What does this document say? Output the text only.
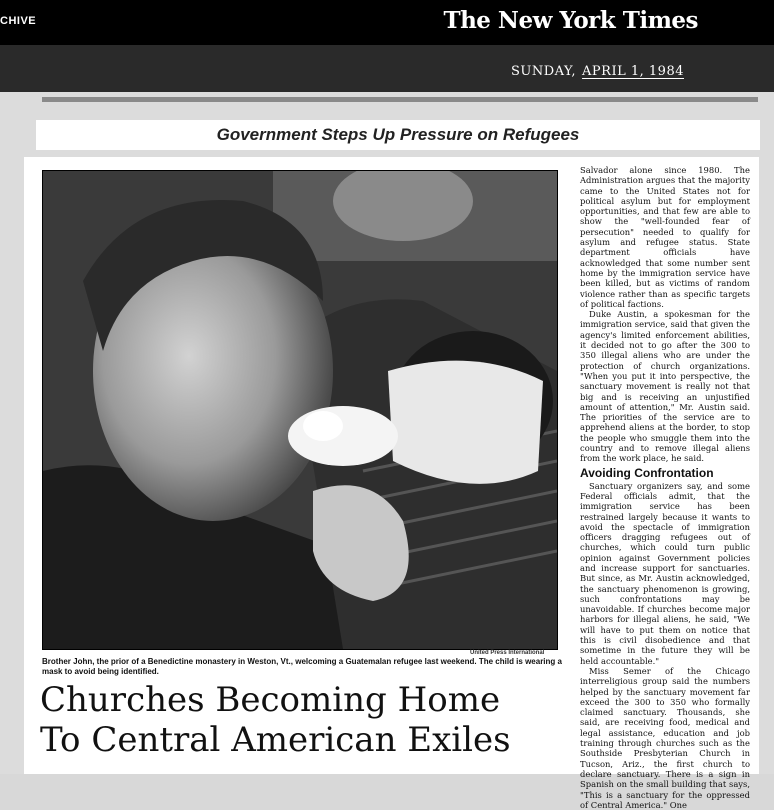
CHIVE	The New York Times
SUNDAY, APRIL 1, 1984
Government Steps Up Pressure on Refugees
United Press International
Brother John, the prior of a Benedictine monastery in Weston, Vt., welcoming a Guatemalan refugee last weekend. The child is wearing a mask to avoid being identified.
Churches Becoming Home
To Central American Exiles

Salvador alone since 1980. The Administration argues that the majority came to the United States not for political asylum but for employment opportunities, and that few are able to show the "well-founded fear of persecution" needed to qualify for asylum and refugee status. State department officials have acknowledged that some number sent home by the immigration service have been killed, but as victims of random violence rather than as specific targets of political factions.

Duke Austin, a spokesman for the immigration service, said that given the agency's limited enforcement abilities, it decided not to go after the 300 to 350 illegal aliens who are under the protection of church organizations. "When you put it into perspective, the sanctuary movement is really not that big and is receiving an unjustified amount of attention," Mr. Austin said. The priorities of the service are to apprehend aliens at the border, to stop the people who smuggle them into the country and to remove illegal aliens from the work place, he said.

Avoiding Confrontation

Sanctuary organizers say, and some Federal officials admit, that the immigration service has been restrained largely because it wants to avoid the spectacle of immigration officers dragging refugees out of churches, which could turn public opinion against Government policies and increase support for sanctuaries. But since, as Mr. Austin acknowledged, the sanctuary phenomenon is growing, such confrontations may be unavoidable. If churches become major harbors for illegal aliens, he said, "We will have to put them on notice that this is civil disobedience and that sometime in the future they will be held accountable."

Miss Semer of the Chicago interreligious group said the numbers helped by the sanctuary movement far exceed the 300 to 350 who formally claimed sanctuary. Thousands, she said, are receiving food, medical and legal assistance, education and job training through churches such as the Southside Presbyterian Church in Tucson, Ariz., the first church to declare sanctuary. There is a sign in Spanish on the small building that says, "This is a sanctuary for the oppressed of Central America." One
